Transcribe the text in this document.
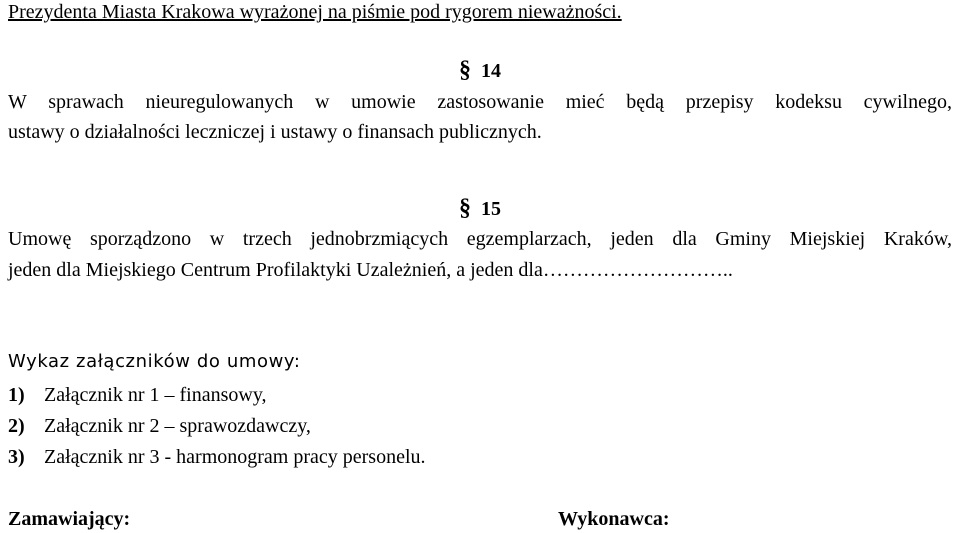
Prezydenta Miasta Krakowa wyrażonej na piśmie pod rygorem nieważności.
§ 14
W sprawach nieuregulowanych w umowie zastosowanie mieć będą przepisy kodeksu cywilnego,
ustawy o działalności leczniczej i ustawy o finansach publicznych.
§ 15
Umowę sporządzono w trzech jednobrzmiących egzemplarzach, jeden dla Gminy Miejskiej Kraków,
jeden dla Miejskiego Centrum Profilaktyki Uzależnień, a jeden dla………………………..
Wykaz załączników do umowy:
1) Załącznik nr 1 – finansowy,
2) Załącznik nr 2 – sprawozdawczy,
3) Załącznik nr 3 - harmonogram pracy personelu.
Zamawiający:	Wykonawca:
